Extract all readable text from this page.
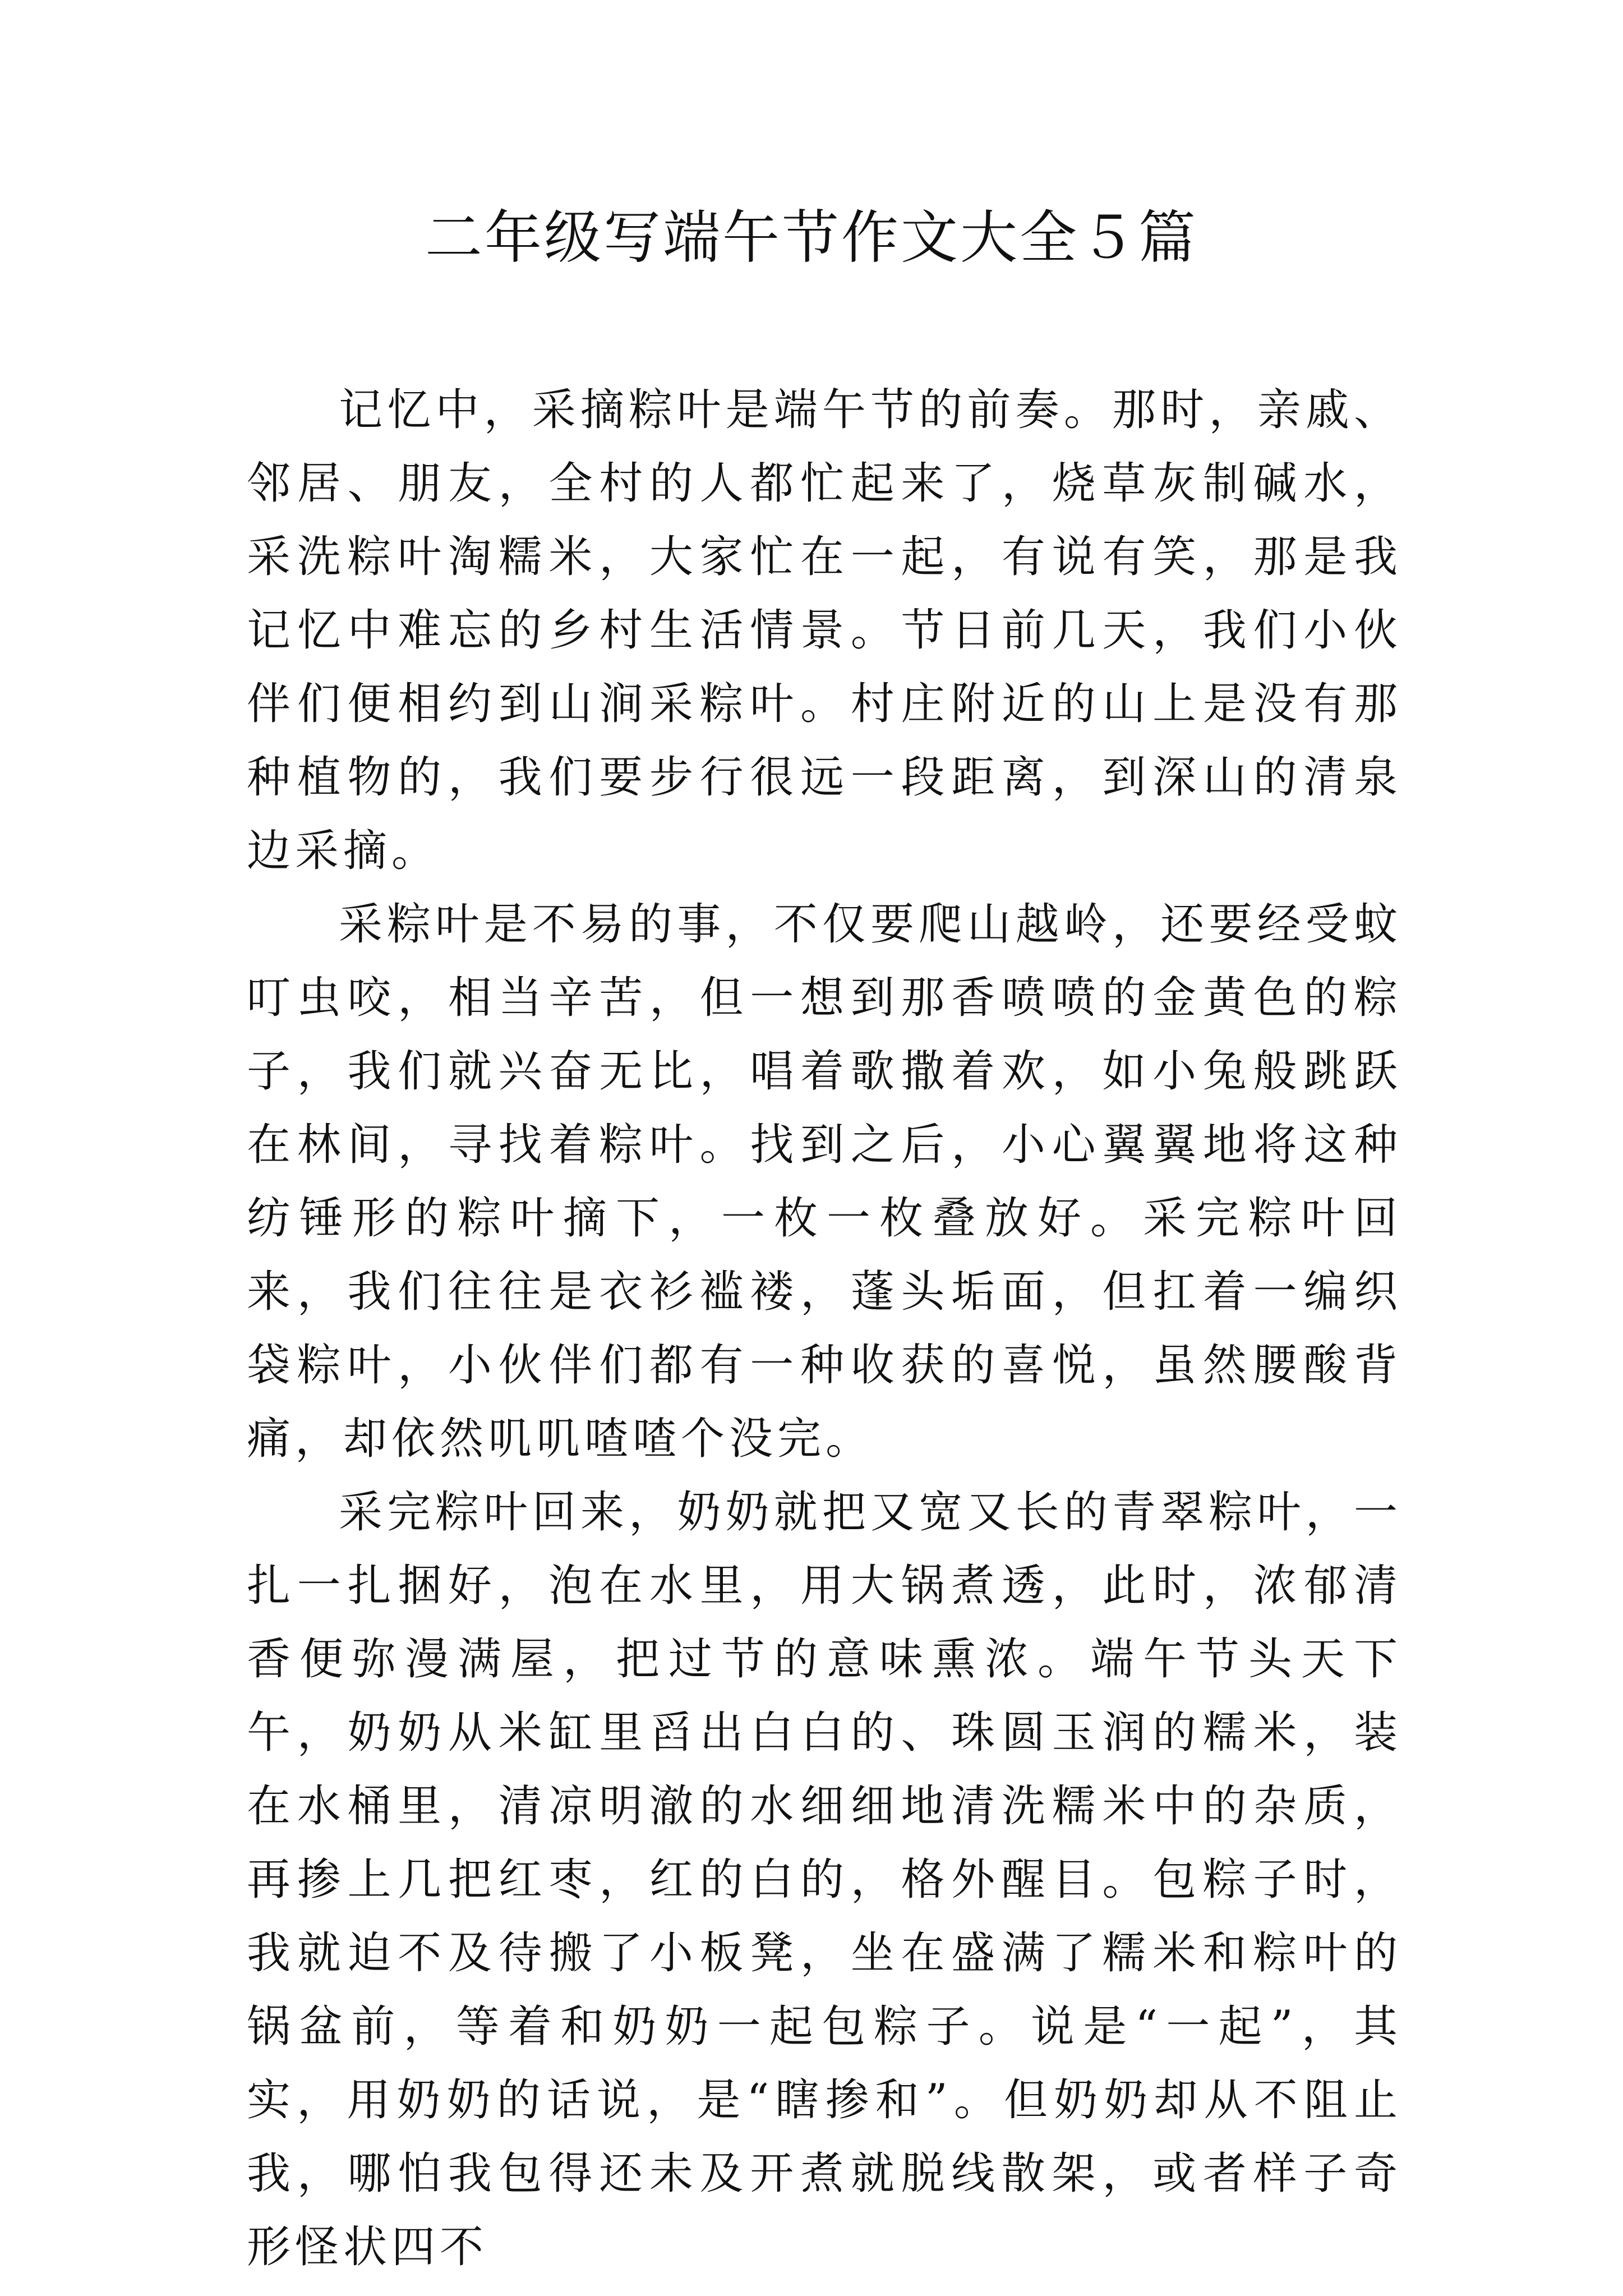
二年级写端午节作文大全５篇

记忆中，采摘粽叶是端午节的前奏。那时，亲戚、邻居、朋友，全村的人都忙起来了，烧草灰制碱水，采洗粽叶淘糯米，大家忙在一起，有说有笑，那是我记忆中难忘的乡村生活情景。节日前几天，我们小伙伴们便相约到山涧采粽叶。村庄附近的山上是没有那种植物的，我们要步行很远一段距离，到深山的清泉边采摘。

采粽叶是不易的事，不仅要爬山越岭，还要经受蚊叮虫咬，相当辛苦，但一想到那香喷喷的金黄色的粽子，我们就兴奋无比，唱着歌撒着欢，如小兔般跳跃在林间，寻找着粽叶。找到之后，小心翼翼地将这种纺锤形的粽叶摘下，一枚一枚叠放好。采完粽叶回来，我们往往是衣衫褴褛，蓬头垢面，但扛着一编织袋粽叶，小伙伴们都有一种收获的喜悦，虽然腰酸背痛，却依然叽叽喳喳个没完。

采完粽叶回来，奶奶就把又宽又长的青翠粽叶，一扎一扎捆好，泡在水里，用大锅煮透，此时，浓郁清香便弥漫满屋，把过节的意味熏浓。端午节头天下午，奶奶从米缸里舀出白白的、珠圆玉润的糯米，装在水桶里，清凉明澈的水细细地清洗糯米中的杂质，再掺上几把红枣，红的白的，格外醒目。包粽子时，我就迫不及待搬了小板凳，坐在盛满了糯米和粽叶的锅盆前，等着和奶奶一起包粽子。说是“一起”，其实，用奶奶的话说，是“瞎掺和”。但奶奶却从不阻止我，哪怕我包得还未及开煮就脱线散架，或者样子奇形怪状四不
